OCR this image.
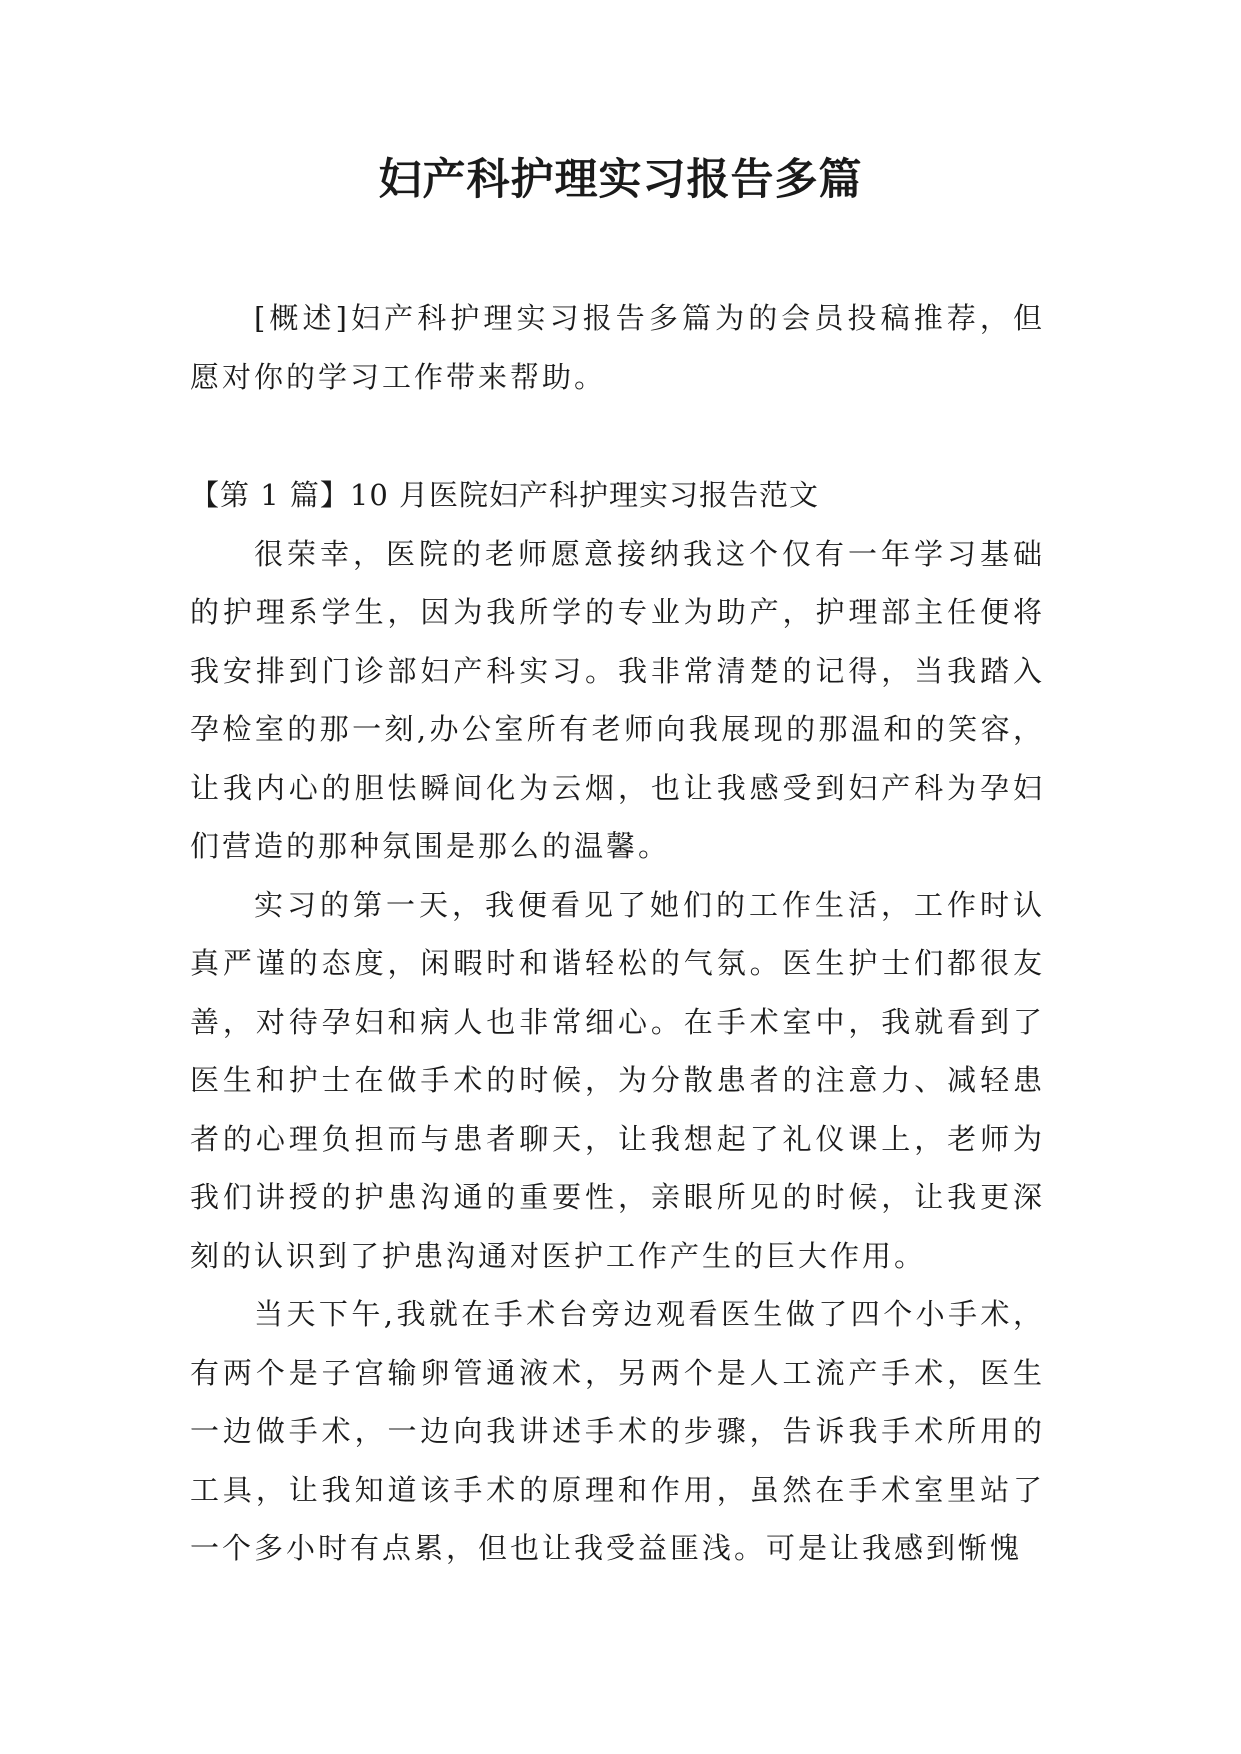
妇产科护理实习报告多篇

[概述]妇产科护理实习报告多篇为的会员投稿推荐，但愿对你的学习工作带来帮助。

【第 1 篇】10 月医院妇产科护理实习报告范文

很荣幸，医院的老师愿意接纳我这个仅有一年学习基础的护理系学生，因为我所学的专业为助产，护理部主任便将我安排到门诊部妇产科实习。我非常清楚的记得，当我踏入孕检室的那一刻,办公室所有老师向我展现的那温和的笑容，让我内心的胆怯瞬间化为云烟，也让我感受到妇产科为孕妇们营造的那种氛围是那么的温馨。

实习的第一天，我便看见了她们的工作生活，工作时认真严谨的态度，闲暇时和谐轻松的气氛。医生护士们都很友善，对待孕妇和病人也非常细心。在手术室中，我就看到了医生和护士在做手术的时候，为分散患者的注意力、减轻患者的心理负担而与患者聊天，让我想起了礼仪课上，老师为我们讲授的护患沟通的重要性，亲眼所见的时候，让我更深刻的认识到了护患沟通对医护工作产生的巨大作用。

当天下午,我就在手术台旁边观看医生做了四个小手术，有两个是子宫输卵管通液术，另两个是人工流产手术，医生一边做手术，一边向我讲述手术的步骤，告诉我手术所用的工具，让我知道该手术的原理和作用，虽然在手术室里站了一个多小时有点累，但也让我受益匪浅。可是让我感到惭愧
